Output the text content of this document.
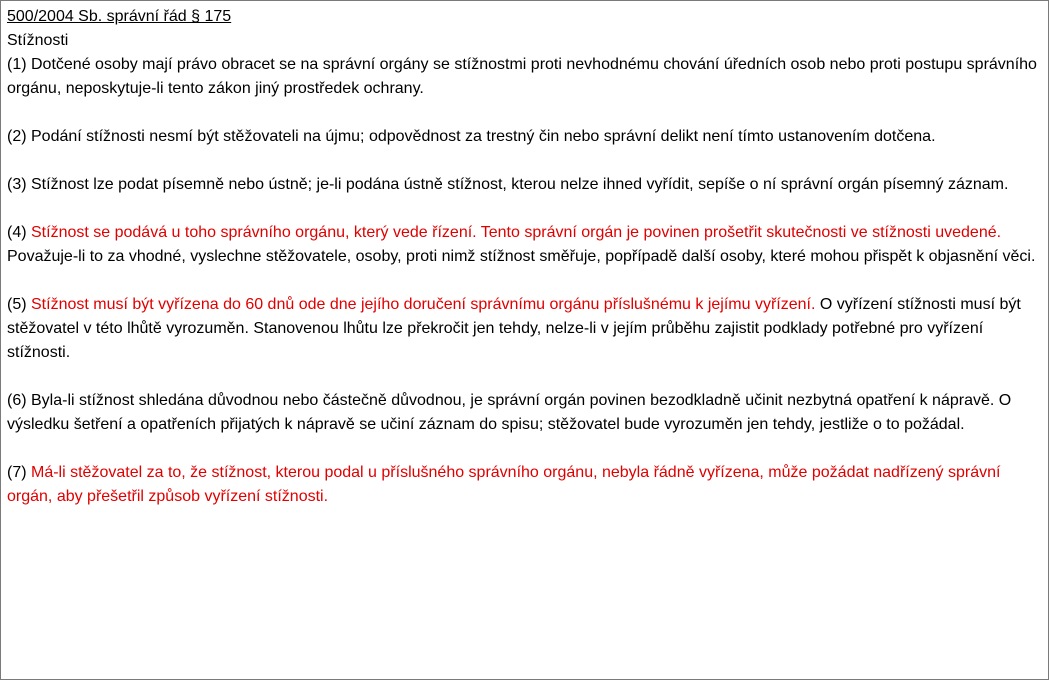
500/2004 Sb. správní řád § 175
Stížnosti
(1) Dotčené osoby mají právo obracet se na správní orgány se stížnostmi proti nevhodnému chování úředních osob nebo proti postupu správního orgánu, neposkytuje-li tento zákon jiný prostředek ochrany.
(2) Podání stížnosti nesmí být stěžovateli na újmu; odpovědnost za trestný čin nebo správní delikt není tímto ustanovením dotčena.
(3) Stížnost lze podat písemně nebo ústně; je-li podána ústně stížnost, kterou nelze ihned vyřídit, sepíše o ní správní orgán písemný záznam.
(4) Stížnost se podává u toho správního orgánu, který vede řízení. Tento správní orgán je povinen prošetřit skutečnosti ve stížnosti uvedené. Považuje-li to za vhodné, vyslechne stěžovatele, osoby, proti nimž stížnost směřuje, popřípadě další osoby, které mohou přispět k objasnění věci.
(5) Stížnost musí být vyřízena do 60 dnů ode dne jejího doručení správnímu orgánu příslušnému k jejímu vyřízení. O vyřízení stížnosti musí být stěžovatel v této lhůtě vyrozuměn. Stanovenou lhůtu lze překročit jen tehdy, nelze-li v jejím průběhu zajistit podklady potřebné pro vyřízení stížnosti.
(6) Byla-li stížnost shledána důvodnou nebo částečně důvodnou, je správní orgán povinen bezodkladně učinit nezbytná opatření k nápravě. O výsledku šetření a opatřeních přijatých k nápravě se učiní záznam do spisu; stěžovatel bude vyrozuměn jen tehdy, jestliže o to požádal.
(7) Má-li stěžovatel za to, že stížnost, kterou podal u příslušného správního orgánu, nebyla řádně vyřízena, může požádat nadřízený správní orgán, aby přešetřil způsob vyřízení stížnosti.
